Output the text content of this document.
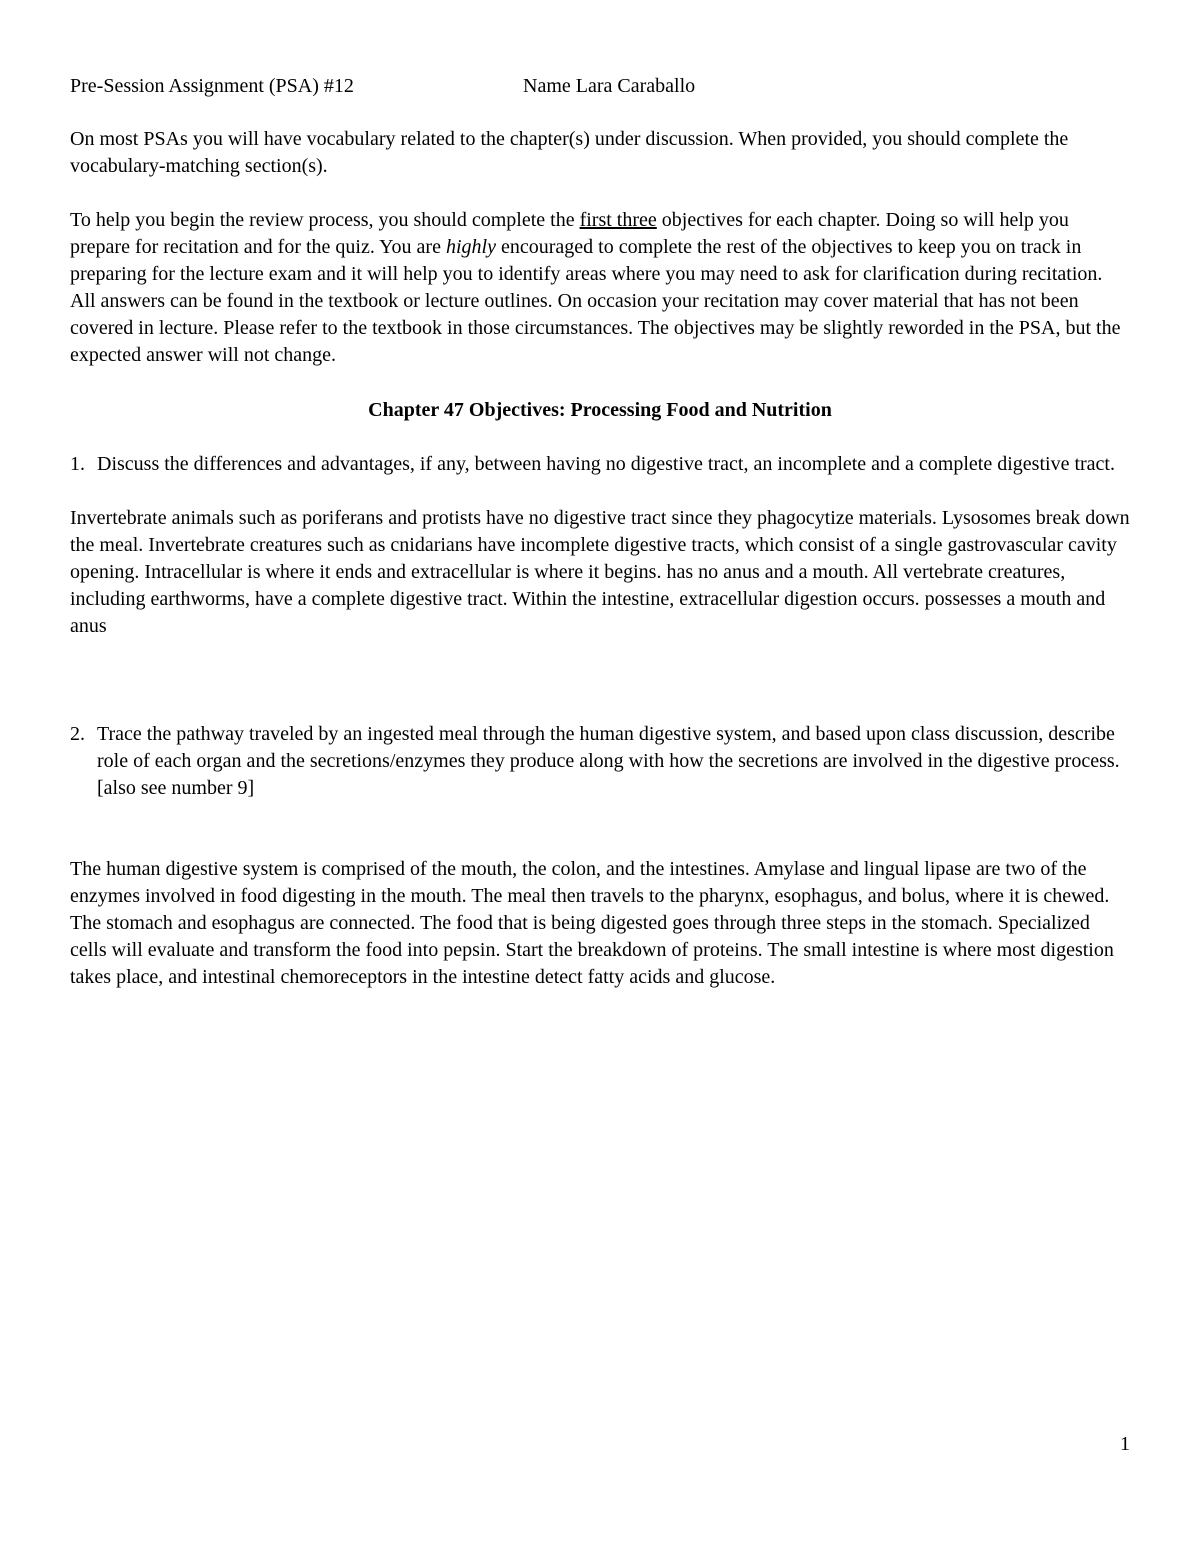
Pre-Session Assignment (PSA) #12	Name Lara Caraballo

On most PSAs you will have vocabulary related to the chapter(s) under discussion. When provided, you should complete the vocabulary-matching section(s).

To help you begin the review process, you should complete the first three objectives for each chapter. Doing so will help you prepare for recitation and for the quiz. You are highly encouraged to complete the rest of the objectives to keep you on track in preparing for the lecture exam and it will help you to identify areas where you may need to ask for clarification during recitation. All answers can be found in the textbook or lecture outlines. On occasion your recitation may cover material that has not been covered in lecture. Please refer to the textbook in those circumstances. The objectives may be slightly reworded in the PSA, but the expected answer will not change.

Chapter 47 Objectives: Processing Food and Nutrition

1. Discuss the differences and advantages, if any, between having no digestive tract, an incomplete and a complete digestive tract.

Invertebrate animals such as poriferans and protists have no digestive tract since they phagocytize materials. Lysosomes break down the meal. Invertebrate creatures such as cnidarians have incomplete digestive tracts, which consist of a single gastrovascular cavity opening. Intracellular is where it ends and extracellular is where it begins. has no anus and a mouth. All vertebrate creatures, including earthworms, have a complete digestive tract. Within the intestine, extracellular digestion occurs. possesses a mouth and anus

2. Trace the pathway traveled by an ingested meal through the human digestive system, and based upon class discussion, describe role of each organ and the secretions/enzymes they produce along with how the secretions are involved in the digestive process. [also see number 9]

The human digestive system is comprised of the mouth, the colon, and the intestines. Amylase and lingual lipase are two of the enzymes involved in food digesting in the mouth. The meal then travels to the pharynx, esophagus, and bolus, where it is chewed. The stomach and esophagus are connected. The food that is being digested goes through three steps in the stomach. Specialized cells will evaluate and transform the food into pepsin. Start the breakdown of proteins. The small intestine is where most digestion takes place, and intestinal chemoreceptors in the intestine detect fatty acids and glucose.

1
